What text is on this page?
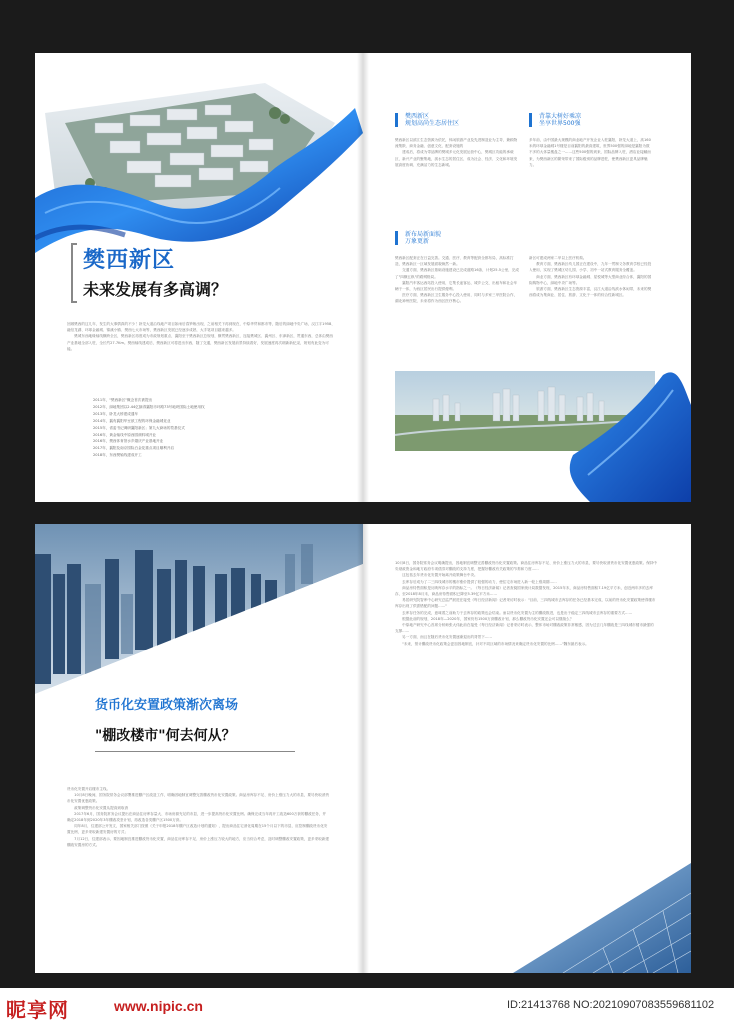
樊西新区
未来发展有多高调？
回顾樊西的这几年，发生的大事情真的不少！卧龙大道沿线地产项目如雨后春笋般出现，之前相关下再到现在，中原华贸和都市等，随后的绿地中央广场，汉江宇1958、融信龙湖、环球金融城、锦溪小镇、樊西七大市场等，樊西新区发展已经逐步成熟，大手笔项目越来越多。
　　樊城东西地缘轴线横跨全区，樊西新区再度成为市政规划重点，襄阳至于樊西新区总规划，横贯樊西新区，连接樊城区、襄州区、东津新区，贯通东西，总体由樊西产业基地全部入驻，全长约27.7Km。樊西轴线建成后，樊西新区可将进出东西，随了交通，樊西新区发展前景持续看好，发展速度再次刷新新纪录，规划有此变为可能。
2011年，"樊西新区"概念首次被提出
2012年，绿地集团以2.44亿摘得襄阳市环路73号地块国际土地使用权
2013年，卧龙大桥建成通车
2014年，襄有襄阳华豆歆工程的环保金融城竞业
2015年，省委书记调研襄阳新区；第九大商场的奠基仪式
2016年，黄金轴线中原西园颜料城开业
2016年，樊西体育馆水乡婚庆产业基地开业
2017年，襄阳及南京园际白金花重点项目顺利开启
2018年，东西樊轴线建成开工
樊西新区
规划高尚生态居住区
樊西新区以滨江生态资源为依托，休闲旅游产业及先进制造业为主导，兼顾物流集散、商务金融、创意文化、配套设施的
　　建成后，将成为带品牌的樊城多元化发展运营中心，樊城区功能的承载区，新兴产业的聚集地，滨水生态的居住区，成为社会、经济、文化和环境发展高度协调、充满活力的生态新城。
背靠大树好乘凉
坐享世界500强
多年前，由中国最大规模的商业地产开发企业入驻襄阳，卧龙大道上，高160米的环球金融城1号楼是目前襄阳的最高建筑，世界500强的绿地是襄阳为数不多的大体量楼盘之一……这些500强的到来，国际品牌入驻，酒店业接踵而来，为樊西新区的繁荣带来了国际级别的品牌进驻，使樊西新区更具品牌魅力。
新布局新面貌
万象更新
樊西新区配套正在日益完善。交通、医疗、教育等配套全都布局，高标准打造，樊西新区一区域发展面貌焕然一新。
　　交通方面，樊西新区基础设施建设已完成道路16条，计划25.5公里，完成了"四横五纵"的路网格局。
　　襄阳汽车客运西站投入使用，它集长途客运、城乡公交、出租车和社会车辆于一体，为西区居民出行提供便利。
　　医疗方面，樊西新区卫生服务中心投入使用，同时与多家三甲医院合作，湖北神州医院，未来将作为西区医疗核心。
新区可建成两家二甲以上医疗机构。
　　教育方面，樊西新区幼儿园正在建设中，九年一贯制义务教育学校已经投入使用，实现了樊城区幼儿园、小学、初中一站式教育服务全覆盖。
　　商业方面，樊西新区有环球金融城、星悦城等大型商业综合体，襄阳的国际购物中心，绿地中央广场等。
　　旅游方面，樊西新区生态资源丰富，汉江大道沿线滨水休闲带，未来的樊西将成为集商业、居住、旅游、文化于一体的综合性新城区。
货币化安置政策渐次离场
"棚改楼市"何去何从？
货币化安置开启楼市主线。
　　10月8日晚间，国务院常务会议部署推进棚户区改造工作，明确因地制宜调整完善棚改货币化安置政策。商品房库存不足、房价上涨压力大的市县，要尽快取消货币化安置优惠政策。
　　政策调整货币化安置从提高到取消
　　2017年6月，国务院常务会议提出在商品住房库存量大、市场房源充足的市县，进一步提高货币化安置比例。确保完成当年再开工改造600万套的棚改任务，并确定2018年到2020年3年棚改攻坚计划，再改造各类棚户区1500万套。
　　同年8月，住建部公开发文，国家相关部门按照《关于申报2018年棚户区改造计划的通知》，提出商品住宅消化周期在15个月以下的市县，应控制棚改货币化安置比例，更多采取新建安置房的方式；
　　7月12日，住建部表示，要因地制宜推进棚改货币化安置，商品住房库存不足、房价上涨压力较大的地方，应当综合考虑，及时调整棚改安置政策，更多采取新建棚改安置房的方式。
10月8日，国务院常务会议明确提出，因地制宜调整完善棚改货币化安置政策。商品住房库存不足、房价上涨压力大的市县，要尽快取消货币化安置优惠政策。保持中央财政资金和地方政府专项债券对棚改的支持力度，把握好棚改有关政策的节奏和力度……
　　这包括去年货币化安置开始离开政策舞台中央。
　　去库存后成为了二三四线城市的楼市涨价提供了较强的动力，使住宅市场进入新一轮上涨周期……
　　商品房待售面积是反映库存水平的指标之一。《每日经济新闻》记者查阅国家统计局数据发现，2015年末，商品房待售面积7.19亿平方米，创近两年多的去库存，至2018年8月末，商品房待售面积已降至5.39亿平方米……
　　易居研究院智库中心研究总监严跃进在接受《每日经济新闻》记者采访时表示："目前，三四线城市去库存的任务已经基本完成，以前的货币化安置政策使得楼市库存出现了供需错配的问题……"
　　去库存任务的完成，意味着之前助力于去库存的政策也会结束。而以货币化安置为主的棚改推进，也是出于稳定三四线城市去库存的重要方式……
　　根据此前的规划，2018年—2020年，国家仍有1500万套棚改计划，那么棚改货币化安置还会可以继续么？
　　中原地产研究中心首席分析师张大伟此前在接受《每日经济新闻》记者采访时表示，整体市场对棚改政策非常敏感，因为过去几年棚改是三四线城市楼市最强的支撑……
　　另一方面，而且在随后货币化安置逐渐退出的背景下……
　　"未来，预计棚改货币化政策会更加因地制宜，针对不同区域的市场情况来确定货币化安置的比例……"魏东最后表示。
昵享网	www.nipic.cn	ID:21413768 NO:20210907083559681102
